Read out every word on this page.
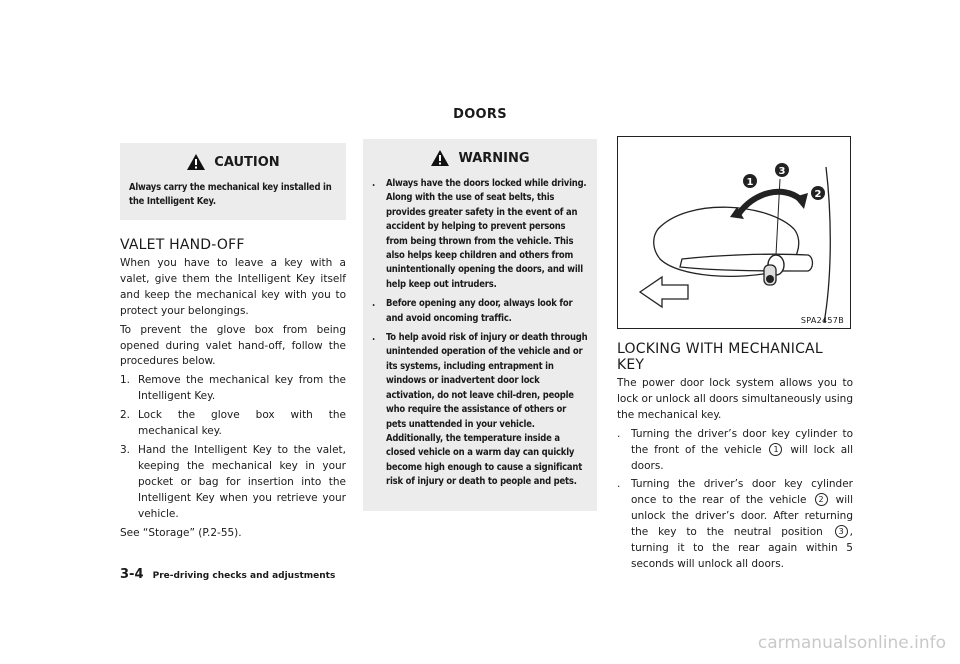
DOORS
CAUTION
Always carry the mechanical key installed in the Intelligent Key.
VALET HAND-OFF

When you have to leave a key with a valet, give them the Intelligent Key itself and keep the mechanical key with you to protect your belongings.

To prevent the glove box from being opened during valet hand-off, follow the procedures below.

1. Remove the mechanical key from the Intelligent Key.
2. Lock the glove box with the mechanical key.
3. Hand the Intelligent Key to the valet, keeping the mechanical key in your pocket or bag for insertion into the Intelligent Key when you retrieve your vehicle.

See “Storage” (P.2-55).

WARNING
. Always have the doors locked while driving. Along with the use of seat belts, this provides greater safety in the event of an accident by helping to prevent persons from being thrown from the vehicle. This also helps keep children and others from unintentionally opening the doors, and will help keep out intruders.
. Before opening any door, always look for and avoid oncoming traffic.
. To help avoid risk of injury or death through unintended operation of the vehicle and or its systems, including entrapment in windows or inadvertent door lock activation, do not leave chil-dren, people who require the assistance of others or pets unattended in your vehicle. Additionally, the temperature inside a closed vehicle on a warm day can quickly become high enough to cause a significant risk of injury or death to people and pets.
1
3
2
SPA2457B
LOCKING WITH MECHANICAL KEY

The power door lock system allows you to lock or unlock all doors simultaneously using the mechanical key.

. Turning the driver’s door key cylinder to the front of the vehicle 1 will lock all doors.
. Turning the driver’s door key cylinder once to the rear of the vehicle 2 will unlock the driver’s door. After returning the key to the neutral position 3 , turning it to the rear again within 5 seconds will unlock all doors.
3-4 Pre-driving checks and adjustments
carmanualsonline.info
